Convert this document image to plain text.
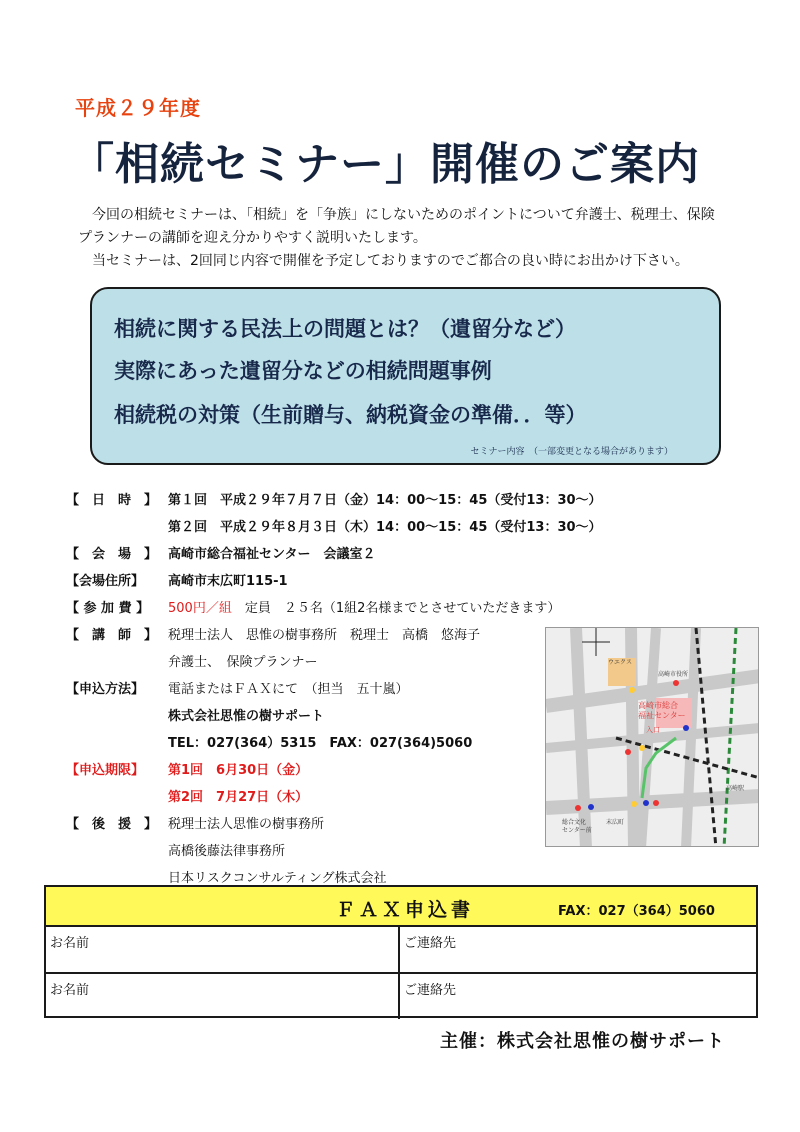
平成２９年度
「相続セミナー」開催のご案内
　今回の相続セミナーは、「相続」を「争族」にしないためのポイントについて弁護士、税理士、保険
プランナーの講師を迎え分かりやすく説明いたします。
　当セミナーは、2回同じ内容で開催を予定しておりますのでご都合の良い時にお出かけ下さい。
相続に関する民法上の問題とは？（遺留分など）
実際にあった遺留分などの相続問題事例
相続税の対策（生前贈与、納税資金の準備．．等）
セミナー内容　（一部変更となる場合があります）
【　日　時　】 第１回　平成２９年７月７日（金）14：00～15：45（受付13：30～）
第２回　平成２９年８月３日（木）14：00～15：45（受付13：30～）
【　会　場　】 高崎市総合福祉センター　会議室２
【会場住所】 高崎市末広町115-1
【 参 加 費 】 500円／組　定員　２５名（1組2名様までとさせていただきます）
【　講　師　】 税理士法人　思惟の樹事務所　税理士　高橋　悠海子
弁護士、　保険プランナー
【申込方法】 電話またはＦＡＸにて　（担当　五十嵐）
株式会社思惟の樹サポート
TEL：027(364）5315　FAX：027(364)5060
【申込期限】 第1回　6月30日（金）
第2回　7月27日（木）
【　後　援　】 税理士法人思惟の樹事務所
高橋後藤法律事務所
日本リスクコンサルティング株式会社
高崎市総合
福祉センター
入口
ウエクス
高崎市役所
末広町
総合文化
センター前
高崎駅
ＦＡＸ申込書	FAX：027（364）5060
お名前	ご連絡先
お名前	ご連絡先
主催：株式会社思惟の樹サポート
